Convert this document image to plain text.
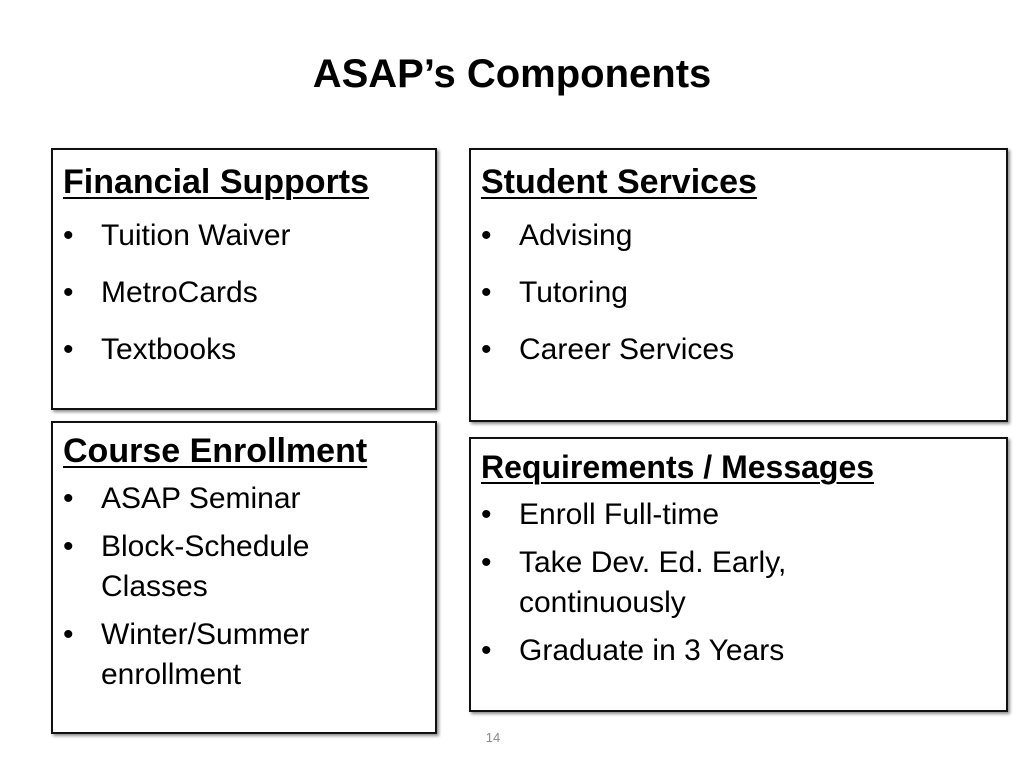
ASAP’s Components
Financial Supports
• Tuition Waiver
• MetroCards
• Textbooks
Student Services
• Advising
• Tutoring
• Career Services
Course Enrollment
• ASAP Seminar
• Block-Schedule Classes
• Winter/Summer enrollment
Requirements / Messages
• Enroll Full-time
• Take Dev. Ed. Early, continuously
• Graduate in 3 Years
14
